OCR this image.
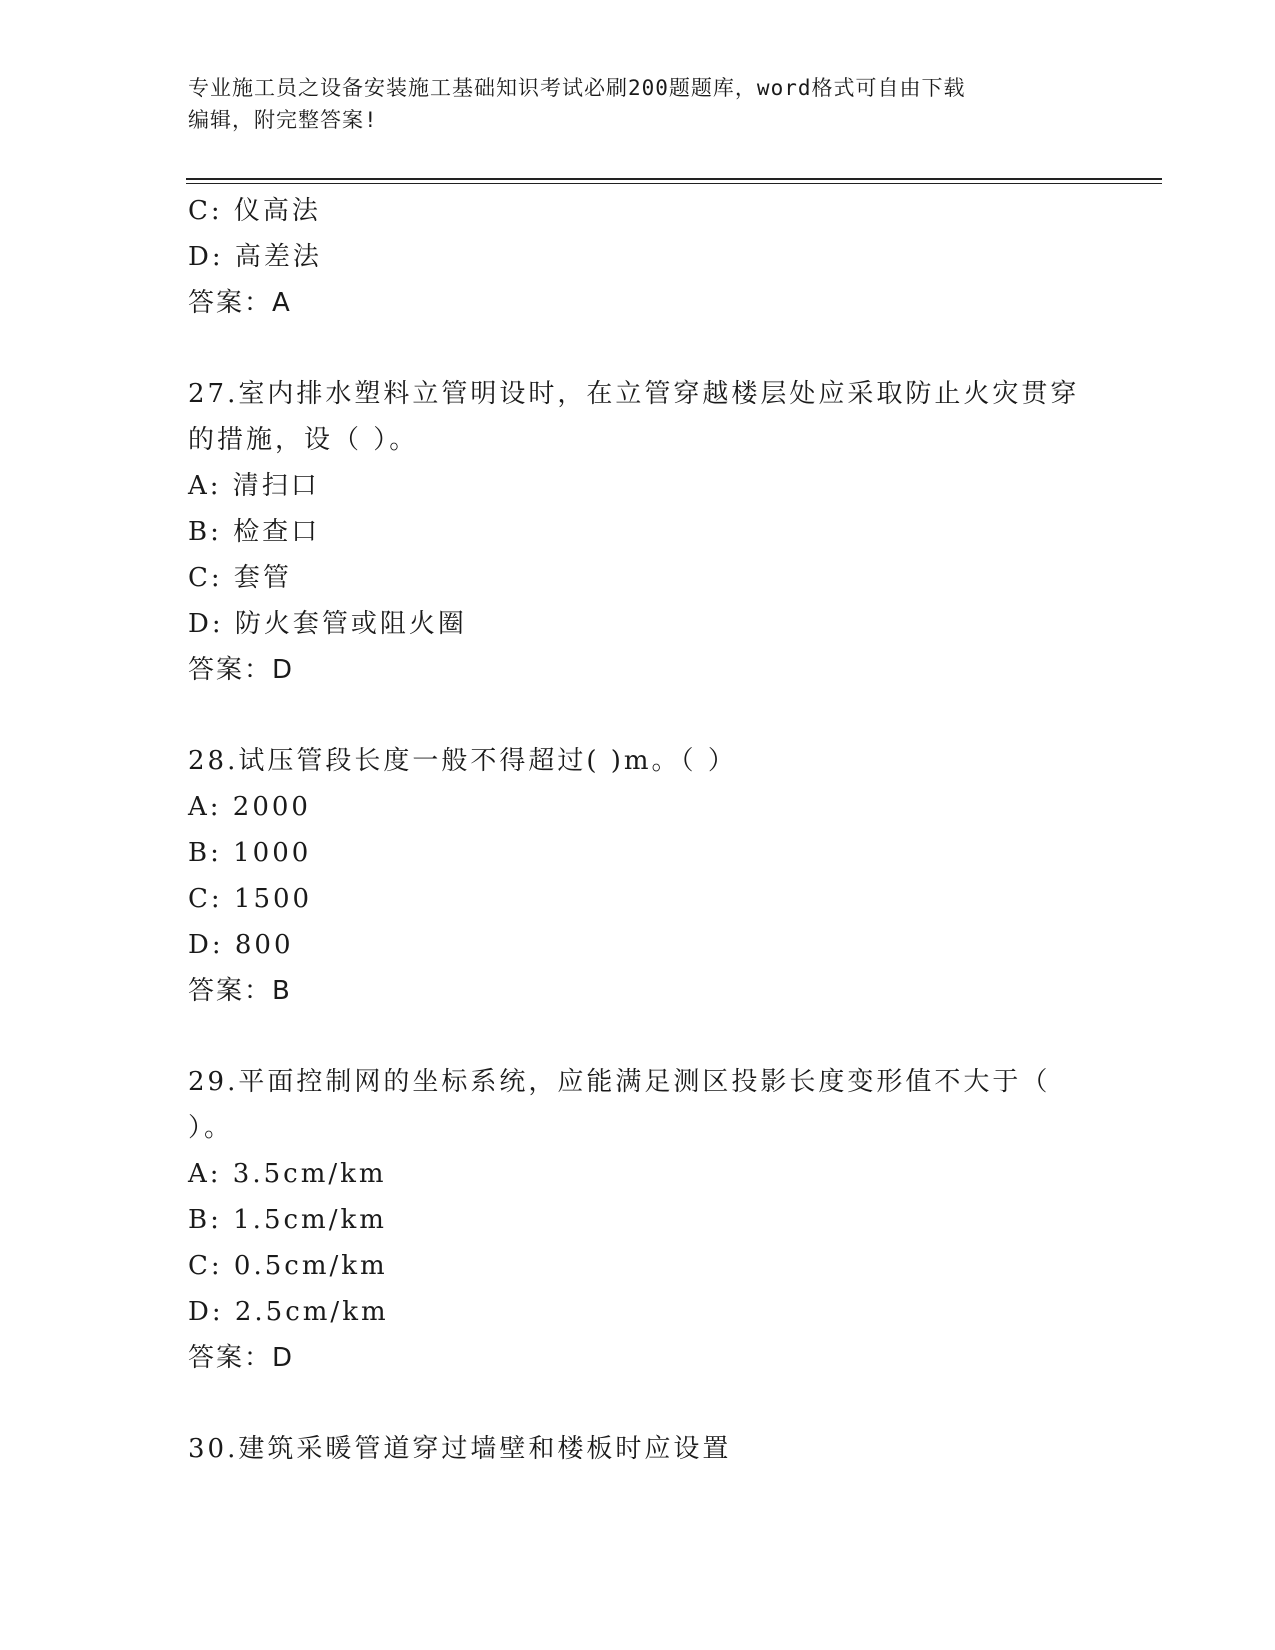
专业施工员之设备安装施工基础知识考试必刷200题题库，word格式可自由下载
编辑，附完整答案!
C: 仪高法
D: 高差法
答案：A
27.室内排水塑料立管明设时，在立管穿越楼层处应采取防止火灾贯穿
的措施，设（ ）。
A: 清扫口
B: 检查口
C: 套管
D: 防火套管或阻火圈
答案：D
28.试压管段长度一般不得超过( )m。（ ）
A: 2000
B: 1000
C: 1500
D: 800
答案：B
29.平面控制网的坐标系统，应能满足测区投影长度变形值不大于（
）。
A: 3.5cm/km
B: 1.5cm/km
C: 0.5cm/km
D: 2.5cm/km
答案：D
30.建筑采暖管道穿过墙壁和楼板时应设置
